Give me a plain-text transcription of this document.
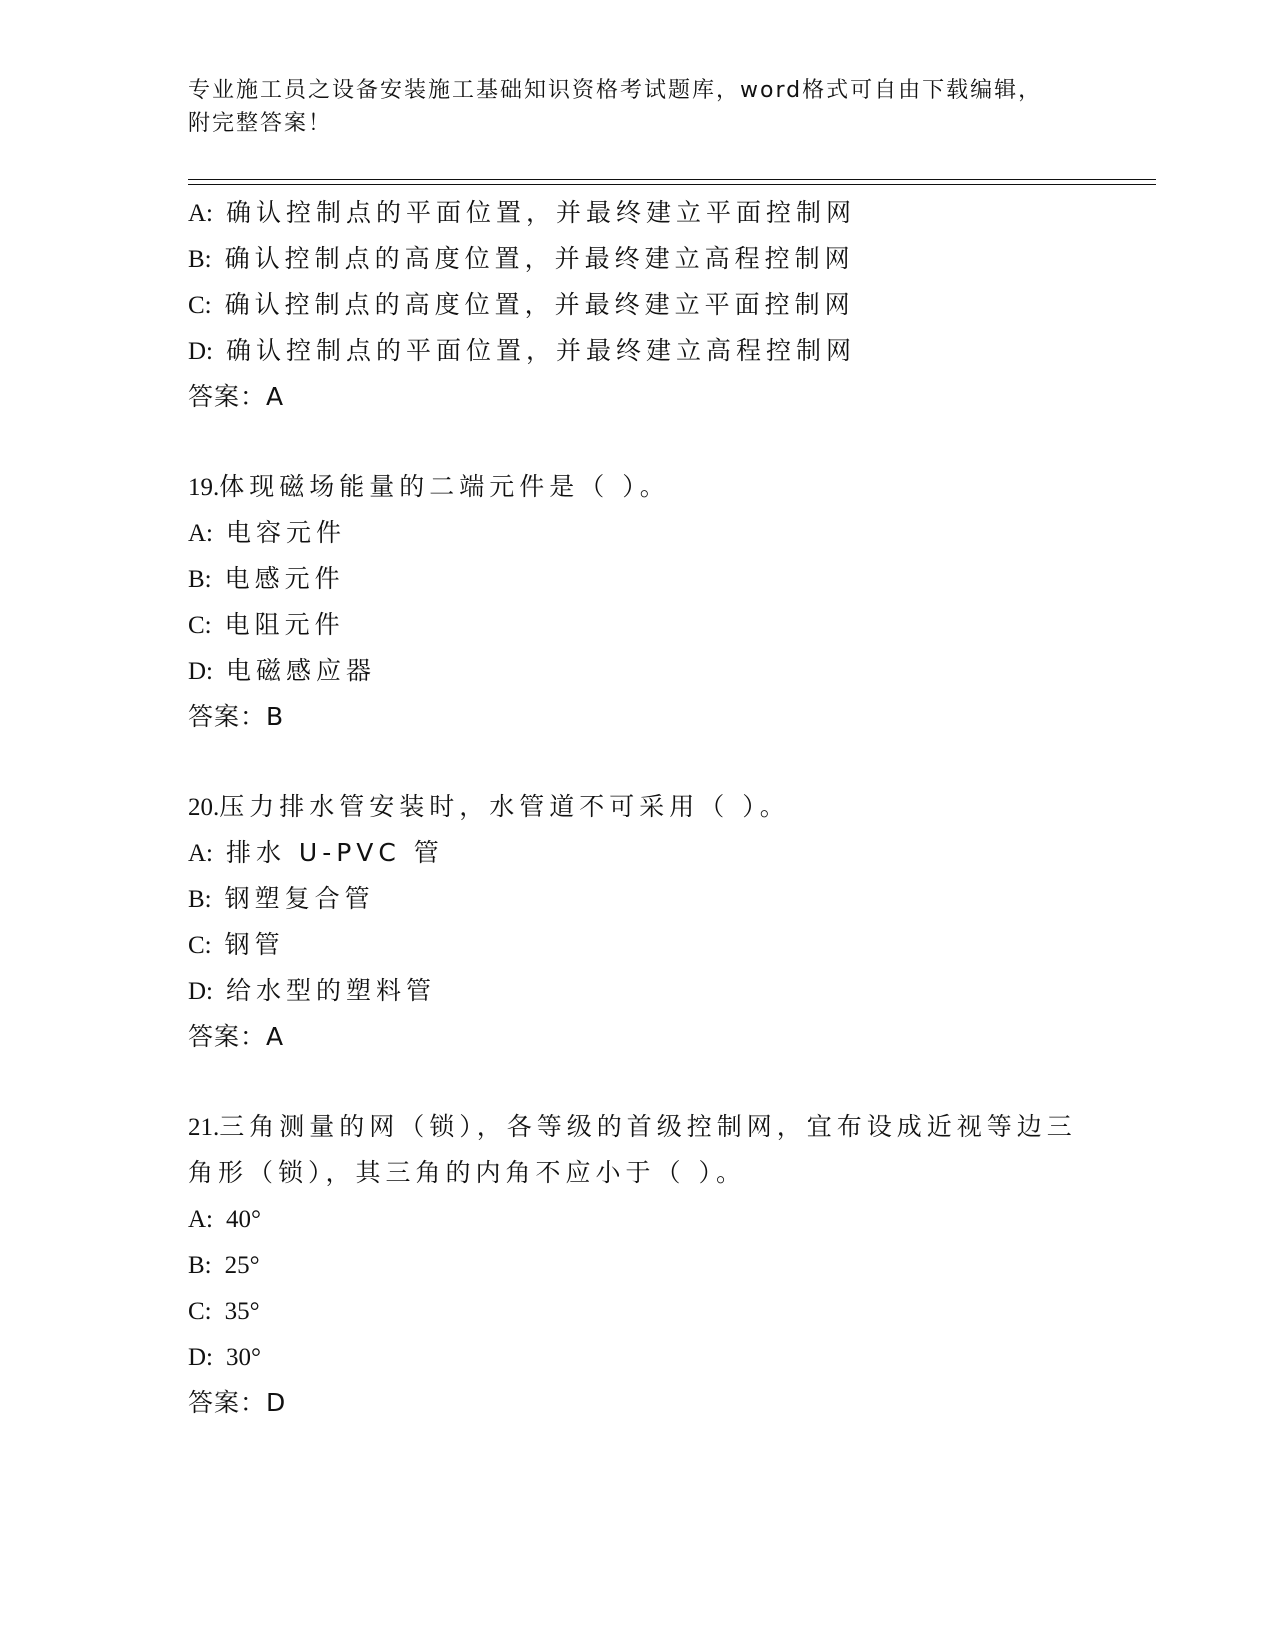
专业施工员之设备安装施工基础知识资格考试题库，word格式可自由下载编辑，
附完整答案！
A: 确认控制点的平面位置，并最终建立平面控制网
B: 确认控制点的高度位置，并最终建立高程控制网
C: 确认控制点的高度位置，并最终建立平面控制网
D: 确认控制点的平面位置，并最终建立高程控制网
答案：A
19.体现磁场能量的二端元件是（ ）。
A: 电容元件
B: 电感元件
C: 电阻元件
D: 电磁感应器
答案：B
20.压力排水管安装时，水管道不可采用（ ）。
A: 排水 U-PVC 管
B: 钢塑复合管
C: 钢管
D: 给水型的塑料管
答案：A
21.三角测量的网（锁），各等级的首级控制网，宜布设成近视等边三
角形（锁），其三角的内角不应小于（ ）。
A: 40°
B: 25°
C: 35°
D: 30°
答案：D
